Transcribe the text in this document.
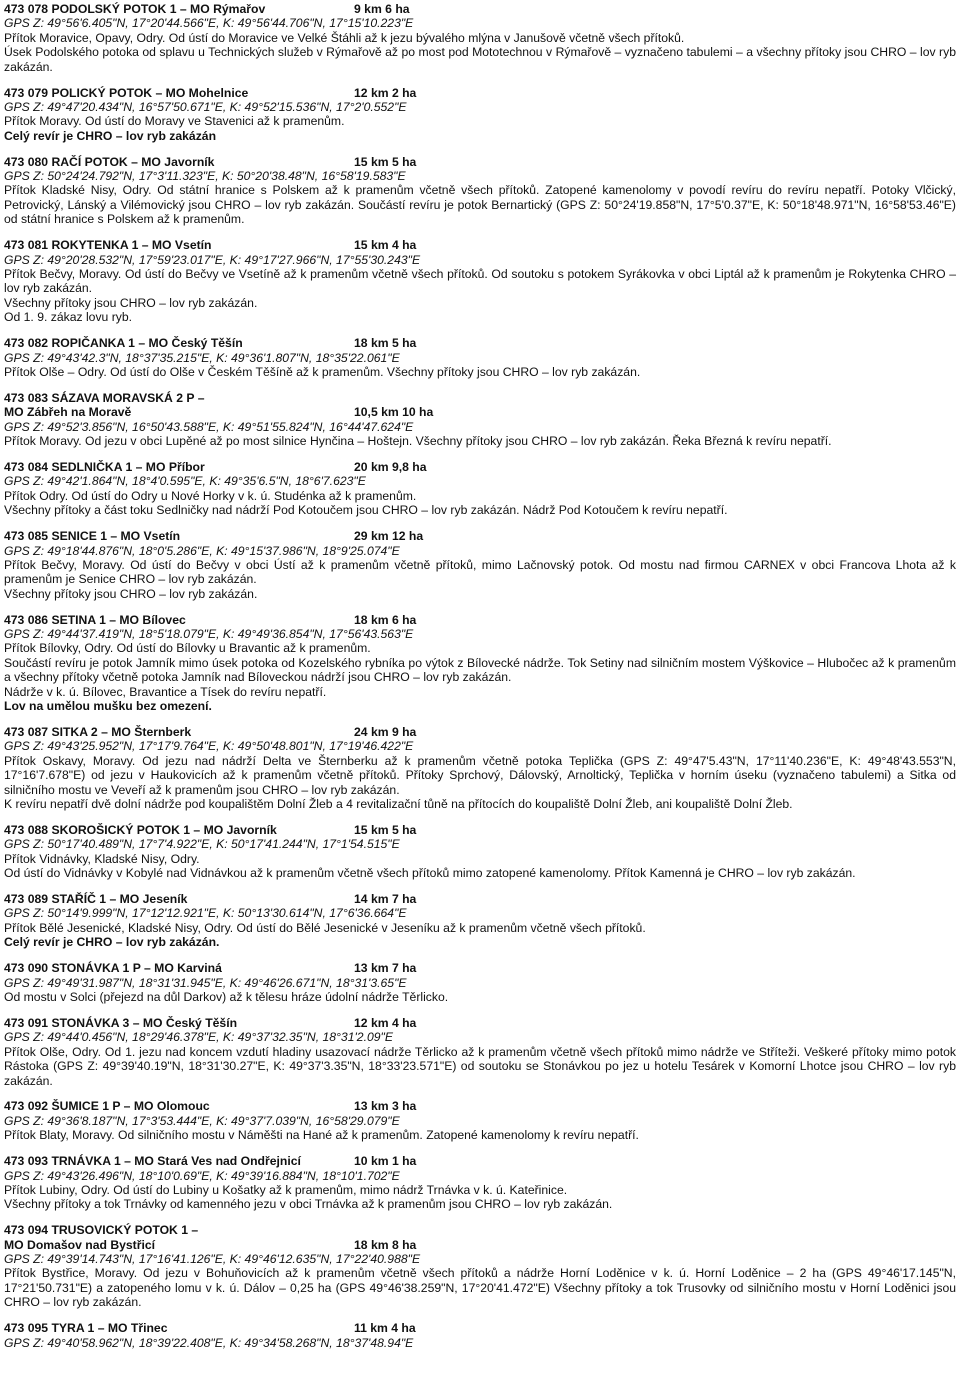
473 078 PODOLSKÝ POTOK 1 – MO Rýmařov	9 km 6 ha
GPS Z: 49°56'6.405"N, 17°20'44.566"E, K: 49°56'44.706"N, 17°15'10.223"E
Přítok Moravice, Opavy, Odry. Od ústí do Moravice ve Velké Štáhli až k jezu bývalého mlýna v Janušově včetně všech přítoků.
Úsek Podolského potoka od splavu u Technických služeb v Rýmařově až po most pod Mototechnou v Rýmařově – vyznačeno tabulemi – a všechny přítoky jsou CHRO – lov ryb zakázán.
473 079 POLICKÝ POTOK – MO Mohelnice	12 km 2 ha
GPS Z: 49°47'20.434"N, 16°57'50.671"E, K: 49°52'15.536"N, 17°2'0.552"E
Přítok Moravy. Od ústí do Moravy ve Stavenici až k pramenům.
Celý revír je CHRO – lov ryb zakázán
473 080 RAČÍ POTOK – MO Javorník	15 km 5 ha
GPS Z: 50°24'24.792"N, 17°3'11.323"E, K: 50°20'38.48"N, 16°58'19.583"E
Přítok Kladské Nisy, Odry. Od státní hranice s Polskem až k pramenům včetně všech přítoků. Zatopené kamenolomy v povodí revíru do revíru nepatří. Potoky Vlčický, Petrovický, Lánský a Vilémovický jsou CHRO – lov ryb zakázán. Součástí revíru je potok Bernartický (GPS Z: 50°24'19.858"N, 17°5'0.37"E, K: 50°18'48.971"N, 16°58'53.46"E) od státní hranice s Polskem až k pramenům.
473 081 ROKYTENKA 1 – MO Vsetín	15 km 4 ha
GPS Z: 49°20'28.532"N, 17°59'23.017"E, K: 49°17'27.966"N, 17°55'30.243"E
Přítok Bečvy, Moravy. Od ústí do Bečvy ve Vsetíně až k pramenům včetně všech přítoků. Od soutoku s potokem Syrákovka v obci Liptál až k pramenům je Rokytenka CHRO – lov ryb zakázán.
Všechny přítoky jsou CHRO – lov ryb zakázán.
Od 1. 9. zákaz lovu ryb.
473 082 ROPIČANKA 1 – MO Český Těšín	18 km 5 ha
GPS Z: 49°43'42.3"N, 18°37'35.215"E, K: 49°36'1.807"N, 18°35'22.061"E
Přítok Olše – Odry. Od ústí do Olše v Českém Těšíně až k pramenům. Všechny přítoky jsou CHRO – lov ryb zakázán.
473 083 SÁZAVA MORAVSKÁ 2 P –
MO Zábřeh na Moravě	10,5 km 10 ha
GPS Z: 49°52'3.856"N, 16°50'43.588"E, K: 49°51'55.824"N, 16°44'47.624"E
Přítok Moravy. Od jezu v obci Lupěné až po most silnice Hynčina – Hoštejn. Všechny přítoky jsou CHRO – lov ryb zakázán. Řeka Březná k revíru nepatří.
473 084 SEDLNIČKA 1 – MO Příbor	20 km 9,8 ha
GPS Z: 49°42'1.864"N, 18°4'0.595"E, K: 49°35'6.5"N, 18°6'7.623"E
Přítok Odry. Od ústí do Odry u Nové Horky v k. ú. Studénka až k pramenům.
Všechny přítoky a část toku Sedlničky nad nádrží Pod Kotoučem jsou CHRO – lov ryb zakázán. Nádrž Pod Kotoučem k revíru nepatří.
473 085 SENICE 1 – MO Vsetín	29 km 12 ha
GPS Z: 49°18'44.876"N, 18°0'5.286"E, K: 49°15'37.986"N, 18°9'25.074"E
Přítok Bečvy, Moravy. Od ústí do Bečvy v obci Ústí až k pramenům včetně přítoků, mimo Lačnovský potok. Od mostu nad firmou CARNEX v obci Francova Lhota až k pramenům je Senice CHRO – lov ryb zakázán.
Všechny přítoky jsou CHRO – lov ryb zakázán.
473 086 SETINA 1 – MO Bílovec	18 km 6 ha
GPS Z: 49°44'37.419"N, 18°5'18.079"E, K: 49°49'36.854"N, 17°56'43.563"E
Přítok Bílovky, Odry. Od ústí do Bílovky u Bravantic až k pramenům.
Součástí revíru je potok Jamník mimo úsek potoka od Kozelského rybníka po výtok z Bílovecké nádrže. Tok Setiny nad silničním mostem Výškovice – Hlubočec až k pramenům a všechny přítoky včetně potoka Jamník nad Bíloveckou nádrží jsou CHRO – lov ryb zakázán.
Nádrže v k. ú. Bílovec, Bravantice a Tísek do revíru nepatří.
Lov na umělou mušku bez omezení.
473 087 SITKA 2 – MO Šternberk	24 km 9 ha
GPS Z: 49°43'25.952"N, 17°17'9.764"E, K: 49°50'48.801"N, 17°19'46.422"E
Přítok Oskavy, Moravy. Od jezu nad nádrží Delta ve Šternberku až k pramenům včetně potoka Teplička (GPS Z: 49°47'5.43"N, 17°11'40.236"E, K: 49°48'43.553"N, 17°16'7.678"E) od jezu v Haukovicích až k pramenům včetně přítoků. Přítoky Sprchový, Dálovský, Arnoltický, Teplička v horním úseku (vyznačeno tabulemi) a Sitka od silničního mostu ve Veveří až k pramenům jsou CHRO – lov ryb zakázán.
K revíru nepatří dvě dolní nádrže pod koupalištěm Dolní Žleb a 4 revitalizační tůně na přítocích do koupaliště Dolní Žleb, ani koupaliště Dolní Žleb.
473 088 SKOROŠICKÝ POTOK 1 – MO Javorník	15 km 5 ha
GPS Z: 50°17'40.489"N, 17°7'4.922"E, K: 50°17'41.244"N, 17°1'54.515"E
Přítok Vidnávky, Kladské Nisy, Odry.
Od ústí do Vidnávky v Kobylé nad Vidnávkou až k pramenům včetně všech přítoků mimo zatopené kamenolomy. Přítok Kamenná je CHRO – lov ryb zakázán.
473 089 STAŘÍČ 1 – MO Jeseník	14 km 7 ha
GPS Z: 50°14'9.999"N, 17°12'12.921"E, K: 50°13'30.614"N, 17°6'36.664"E
Přítok Bělé Jesenické, Kladské Nisy, Odry. Od ústí do Bělé Jesenické v Jeseníku až k pramenům včetně všech přítoků.
Celý revír je CHRO – lov ryb zakázán.
473 090 STONÁVKA 1 P – MO Karviná	13 km 7 ha
GPS Z: 49°49'31.987"N, 18°31'31.945"E, K: 49°46'26.671"N, 18°31'3.65"E
Od mostu v Solci (přejezd na důl Darkov) až k tělesu hráze údolní nádrže Těrlicko.
473 091 STONÁVKA 3 – MO Český Těšín	12 km 4 ha
GPS Z: 49°44'0.456"N, 18°29'46.378"E, K: 49°37'32.35"N, 18°31'2.09"E
Přítok Olše, Odry. Od 1. jezu nad koncem vzdutí hladiny usazovací nádrže Těrlicko až k pramenům včetně všech přítoků mimo nádrže ve Stříteži. Veškeré přítoky mimo potok Rástoka (GPS Z: 49°39'40.19"N, 18°31'30.27"E, K: 49°37'3.35"N, 18°33'23.571"E) od soutoku se Stonávkou po jez u hotelu Tesárek v Komorní Lhotce jsou CHRO – lov ryb zakázán.
473 092 ŠUMICE 1 P – MO Olomouc	13 km 3 ha
GPS Z: 49°36'8.187"N, 17°3'53.444"E, K: 49°37'7.039"N, 16°58'29.079"E
Přítok Blaty, Moravy. Od silničního mostu v Náměšti na Hané až k pramenům. Zatopené kamenolomy k revíru nepatří.
473 093 TRNÁVKA 1 – MO Stará Ves nad Ondřejnicí	10 km 1 ha
GPS Z: 49°43'26.496"N, 18°10'0.69"E, K: 49°39'16.884"N, 18°10'1.702"E
Přítok Lubiny, Odry. Od ústí do Lubiny u Košatky až k pramenům, mimo nádrž Trnávka v k. ú. Kateřinice.
Všechny přítoky a tok Trnávky od kamenného jezu v obci Trnávka až k pramenům jsou CHRO – lov ryb zakázán.
473 094 TRUSOVICKÝ POTOK 1 –
MO Domašov nad Bystřicí	18 km 8 ha
GPS Z: 49°39'14.743"N, 17°16'41.126"E, K: 49°46'12.635"N, 17°22'40.988"E
Přítok Bystřice, Moravy. Od jezu v Bohuňovicích až k pramenům včetně všech přítoků a nádrže Horní Loděnice v k. ú. Horní Loděnice – 2 ha (GPS 49°46'17.145"N, 17°21'50.731"E) a zatopeného lomu v k. ú. Dálov – 0,25 ha (GPS 49°46'38.259"N, 17°20'41.472"E) Všechny přítoky a tok Trusovky od silničního mostu v Horní Loděnici jsou CHRO – lov ryb zakázán.
473 095 TYRA 1 – MO Třinec	11 km 4 ha
GPS Z: 49°40'58.962"N, 18°39'22.408"E, K: 49°34'58.268"N, 18°37'48.94"E
